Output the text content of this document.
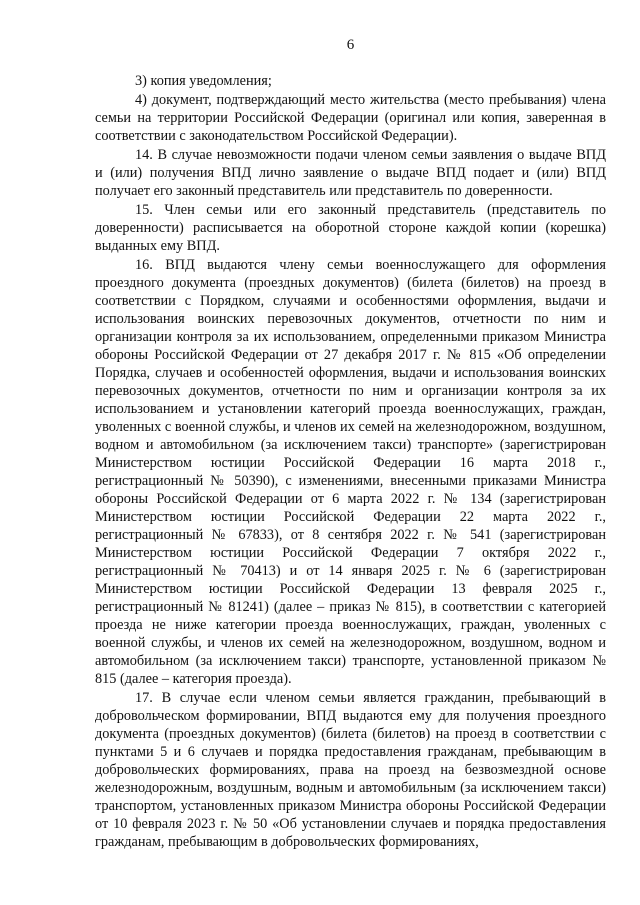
6

3) копия уведомления;

4) документ, подтверждающий место жительства (место пребывания) члена семьи на территории Российской Федерации (оригинал или копия, заверенная в соответствии с законодательством Российской Федерации).

14. В случае невозможности подачи членом семьи заявления о выдаче ВПД и (или) получения ВПД лично заявление о выдаче ВПД подает и (или) ВПД получает его законный представитель или представитель по доверенности.

15. Член семьи или его законный представитель (представитель по доверенности) расписывается на оборотной стороне каждой копии (корешка) выданных ему ВПД.

16. ВПД выдаются члену семьи военнослужащего для оформления проездного документа (проездных документов) (билета (билетов) на проезд в соответствии с Порядком, случаями и особенностями оформления, выдачи и использования воинских перевозочных документов, отчетности по ним и организации контроля за их использованием, определенными приказом Министра обороны Российской Федерации от 27 декабря 2017 г. № 815 «Об определении Порядка, случаев и особенностей оформления, выдачи и использования воинских перевозочных документов, отчетности по ним и организации контроля за их использованием и установлении категорий проезда военнослужащих, граждан, уволенных с военной службы, и членов их семей на железнодорожном, воздушном, водном и автомобильном (за исключением такси) транспорте» (зарегистрирован Министерством юстиции Российской Федерации 16 марта 2018 г., регистрационный № 50390), с изменениями, внесенными приказами Министра обороны Российской Федерации от 6 марта 2022 г. № 134 (зарегистрирован Министерством юстиции Российской Федерации 22 марта 2022 г., регистрационный № 67833), от 8 сентября 2022 г. № 541 (зарегистрирован Министерством юстиции Российской Федерации 7 октября 2022 г., регистрационный № 70413) и от 14 января 2025 г. № 6 (зарегистрирован Министерством юстиции Российской Федерации 13 февраля 2025 г., регистрационный № 81241) (далее – приказ № 815), в соответствии с категорией проезда не ниже категории проезда военнослужащих, граждан, уволенных с военной службы, и членов их семей на железнодорожном, воздушном, водном и автомобильном (за исключением такси) транспорте, установленной приказом № 815 (далее – категория проезда).

17. В случае если членом семьи является гражданин, пребывающий в добровольческом формировании, ВПД выдаются ему для получения проездного документа (проездных документов) (билета (билетов) на проезд в соответствии с пунктами 5 и 6 случаев и порядка предоставления гражданам, пребывающим в добровольческих формированиях, права на проезд на безвозмездной основе железнодорожным, воздушным, водным и автомобильным (за исключением такси) транспортом, установленных приказом Министра обороны Российской Федерации от 10 февраля 2023 г. № 50 «Об установлении случаев и порядка предоставления гражданам, пребывающим в добровольческих формированиях,
